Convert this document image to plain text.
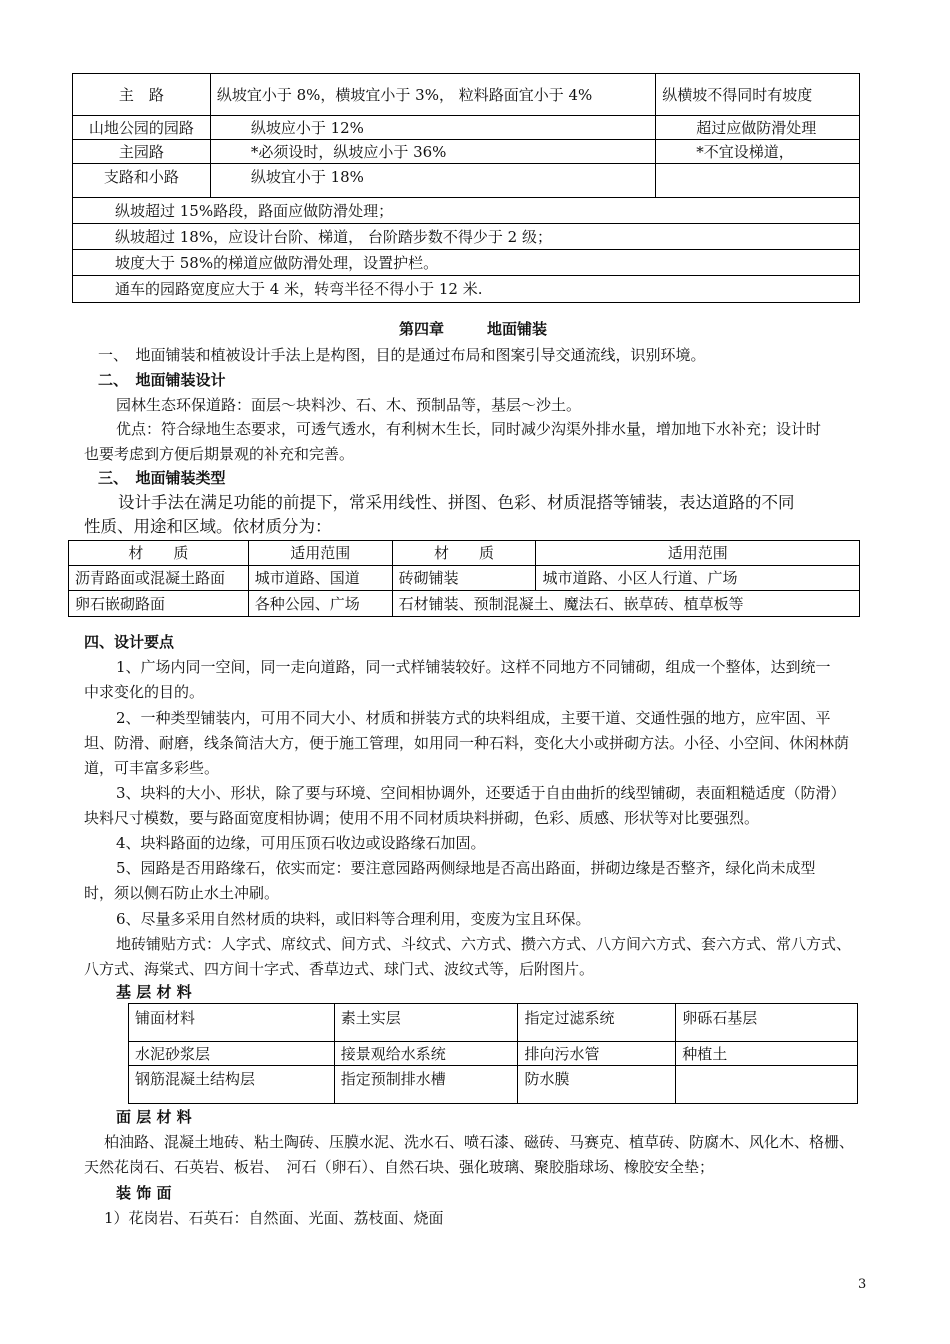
主　路	纵坡宜小于 8%，横坡宜小于 3%， 粒料路面宜小于 4%	纵横坡不得同时有坡度
山地公园的园路	纵坡应小于 12%	超过应做防滑处理
主园路	*必须设时，纵坡应小于 36%	*不宜设梯道，
支路和小路	纵坡宜小于 18%	
纵坡超过 15%路段，路面应做防滑处理；		
纵坡超过 18%，应设计台阶、梯道， 台阶踏步数不得少于 2 级；		
坡度大于 58%的梯道应做防滑处理，设置护栏。		
通车的园路宽度应大于 4 米，转弯半径不得小于 12 米.		
第四章	地面铺装
一、　地面铺装和植被设计手法上是构图，目的是通过布局和图案引导交通流线，识别环境。
二、　地面铺装设计
园林生态环保道路：面层～块料沙、石、木、预制品等，基层～沙土。
优点：符合绿地生态要求，可透气透水，有利树木生长，同时减少沟渠外排水量，增加地下水补充；设计时
也要考虑到方便后期景观的补充和完善。
三、　地面铺装类型
设计手法在满足功能的前提下，常采用线性、拼图、色彩、材质混搭等铺装，表达道路的不同
性质、用途和区域。依材质分为：
材　　质	适用范围	材　　质	适用范围
沥青路面或混凝土路面	城市道路、国道	砖砌铺装	城市道路、小区人行道、广场
卵石嵌砌路面	各种公园、广场	石材铺装、预制混凝土、魔法石、嵌草砖、植草板等	
四、设计要点
1、广场内同一空间，同一走向道路，同一式样铺装较好。这样不同地方不同铺砌，组成一个整体，达到统一
中求变化的目的。
2、一种类型铺装内，可用不同大小、材质和拼装方式的块料组成，主要干道、交通性强的地方，应牢固、平
坦、防滑、耐磨，线条简洁大方，便于施工管理，如用同一种石料，变化大小或拼砌方法。小径、小空间、休闲林荫
道，可丰富多彩些。
3、块料的大小、形状，除了要与环境、空间相协调外，还要适于自由曲折的线型铺砌，表面粗糙适度（防滑）
块料尺寸模数，要与路面宽度相协调；使用不用不同材质块料拼砌，色彩、质感、形状等对比要强烈。
4、块料路面的边缘，可用压顶石收边或设路缘石加固。
5、园路是否用路缘石，依实而定：要注意园路两侧绿地是否高出路面，拼砌边缘是否整齐，绿化尚未成型
时，须以侧石防止水土冲刷。
6、尽量多采用自然材质的块料，或旧料等合理利用，变废为宝且环保。
地砖铺贴方式：人字式、席纹式、间方式、斗纹式、六方式、攒六方式、八方间六方式、套六方式、常八方式、
八方式、海棠式、四方间十字式、香草边式、球门式、波纹式等，后附图片。
基 层 材 料
铺面材料	素土实层	指定过滤系统	卵砾石基层
水泥砂浆层	接景观给水系统	排向污水管	种植土
钢筋混凝土结构层	指定预制排水槽	防水膜	
面 层 材 料
柏油路、混凝土地砖、粘土陶砖、压膜水泥、洗水石、喷石漆、磁砖、马赛克、植草砖、防腐木、风化木、格栅、
天然花岗石、石英岩、板岩、　河石（卵石）、自然石块、强化玻璃、聚胶脂球场、橡胶安全垫；
装 饰 面
1）花岗岩、石英石：自然面、光面、荔枝面、烧面
3
